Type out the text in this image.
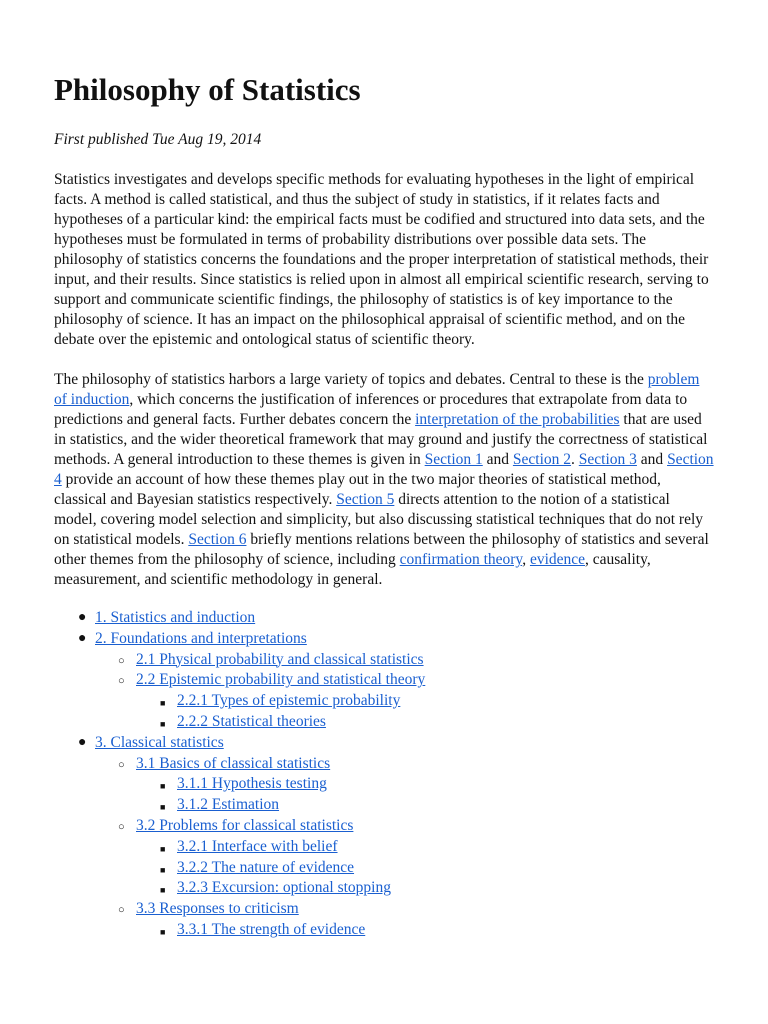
Philosophy of Statistics
First published Tue Aug 19, 2014

Statistics investigates and develops specific methods for evaluating hypotheses in the light of empirical facts. A method is called statistical, and thus the subject of study in statistics, if it relates facts and hypotheses of a particular kind: the empirical facts must be codified and structured into data sets, and the hypotheses must be formulated in terms of probability distributions over possible data sets. The philosophy of statistics concerns the foundations and the proper interpretation of statistical methods, their input, and their results. Since statistics is relied upon in almost all empirical scientific research, serving to support and communicate scientific findings, the philosophy of statistics is of key importance to the philosophy of science. It has an impact on the philosophical appraisal of scientific method, and on the debate over the epistemic and ontological status of scientific theory.

The philosophy of statistics harbors a large variety of topics and debates. Central to these is the problem of induction, which concerns the justification of inferences or procedures that extrapolate from data to predictions and general facts. Further debates concern the interpretation of the probabilities that are used in statistics, and the wider theoretical framework that may ground and justify the correctness of statistical methods. A general introduction to these themes is given in Section 1 and Section 2. Section 3 and Section 4 provide an account of how these themes play out in the two major theories of statistical method, classical and Bayesian statistics respectively. Section 5 directs attention to the notion of a statistical model, covering model selection and simplicity, but also discussing statistical techniques that do not rely on statistical models. Section 6 briefly mentions relations between the philosophy of statistics and several other themes from the philosophy of science, including confirmation theory, evidence, causality, measurement, and scientific methodology in general.

● 1. Statistics and induction
● 2. Foundations and interpretations
○ 2.1 Physical probability and classical statistics
○ 2.2 Epistemic probability and statistical theory
■ 2.2.1 Types of epistemic probability
■ 2.2.2 Statistical theories
● 3. Classical statistics
○ 3.1 Basics of classical statistics
■ 3.1.1 Hypothesis testing
■ 3.1.2 Estimation
○ 3.2 Problems for classical statistics
■ 3.2.1 Interface with belief
■ 3.2.2 The nature of evidence
■ 3.2.3 Excursion: optional stopping
○ 3.3 Responses to criticism
■ 3.3.1 The strength of evidence
